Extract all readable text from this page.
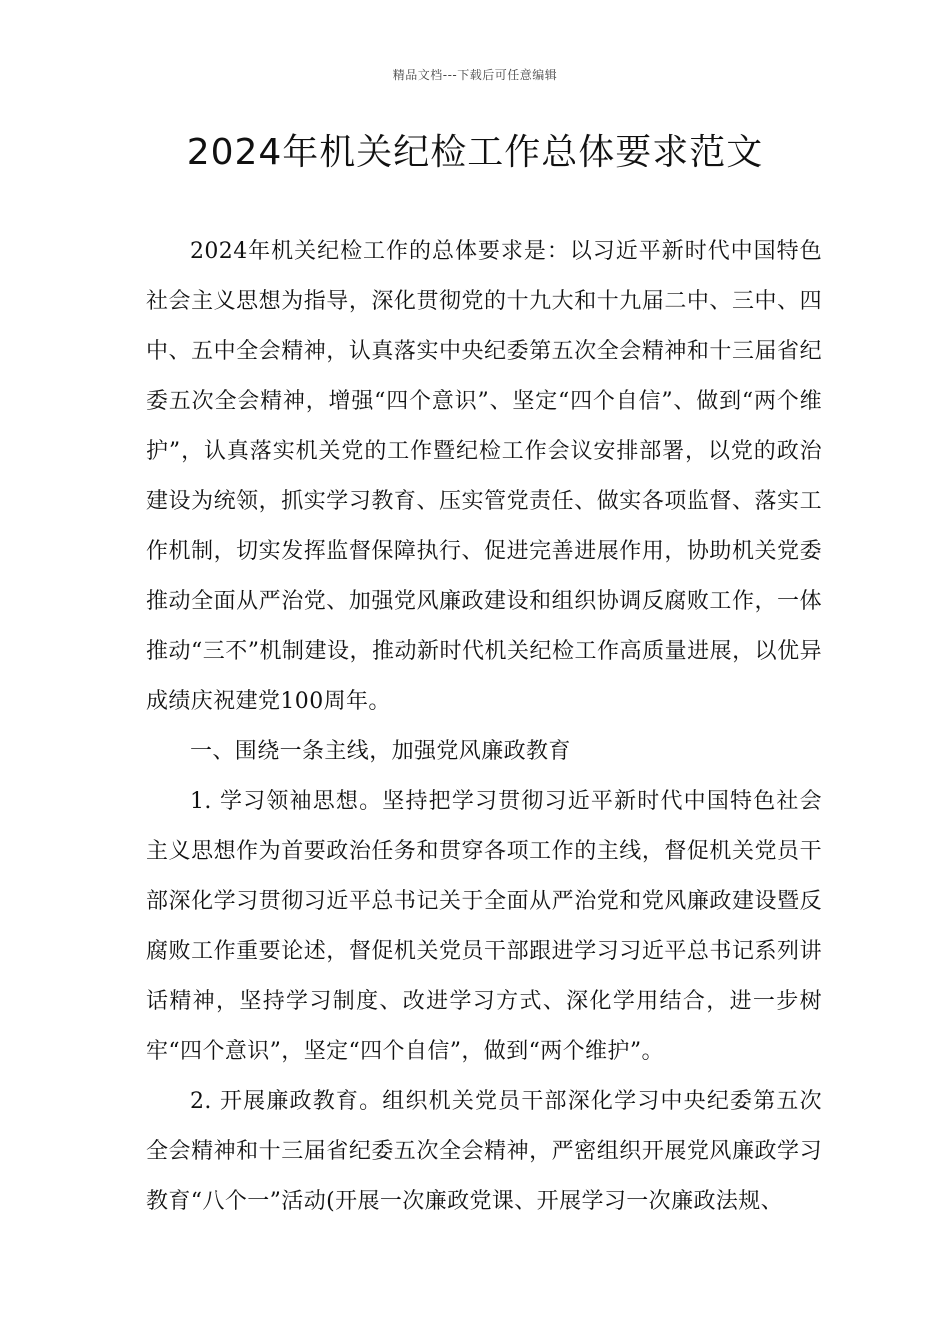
精品文档---下载后可任意编辑
2024年机关纪检工作总体要求范文

2024年机关纪检工作的总体要求是：以习近平新时代中国特色社会主义思想为指导，深化贯彻党的十九大和十九届二中、三中、四中、五中全会精神，认真落实中央纪委第五次全会精神和十三届省纪委五次全会精神，增强“四个意识”、坚定“四个自信”、做到“两个维护”，认真落实机关党的工作暨纪检工作会议安排部署，以党的政治建设为统领，抓实学习教育、压实管党责任、做实各项监督、落实工作机制，切实发挥监督保障执行、促进完善进展作用，协助机关党委推动全面从严治党、加强党风廉政建设和组织协调反腐败工作，一体推动“三不”机制建设，推动新时代机关纪检工作高质量进展，以优异成绩庆祝建党100周年。

一、围绕一条主线，加强党风廉政教育

1. 学习领袖思想。坚持把学习贯彻习近平新时代中国特色社会主义思想作为首要政治任务和贯穿各项工作的主线，督促机关党员干部深化学习贯彻习近平总书记关于全面从严治党和党风廉政建设暨反腐败工作重要论述，督促机关党员干部跟进学习习近平总书记系列讲话精神，坚持学习制度、改进学习方式、深化学用结合，进一步树牢“四个意识”，坚定“四个自信”，做到“两个维护”。

2. 开展廉政教育。组织机关党员干部深化学习中央纪委第五次全会精神和十三届省纪委五次全会精神，严密组织开展党风廉政学习教育“八个一”活动(开展一次廉政党课、开展学习一次廉政法规、
